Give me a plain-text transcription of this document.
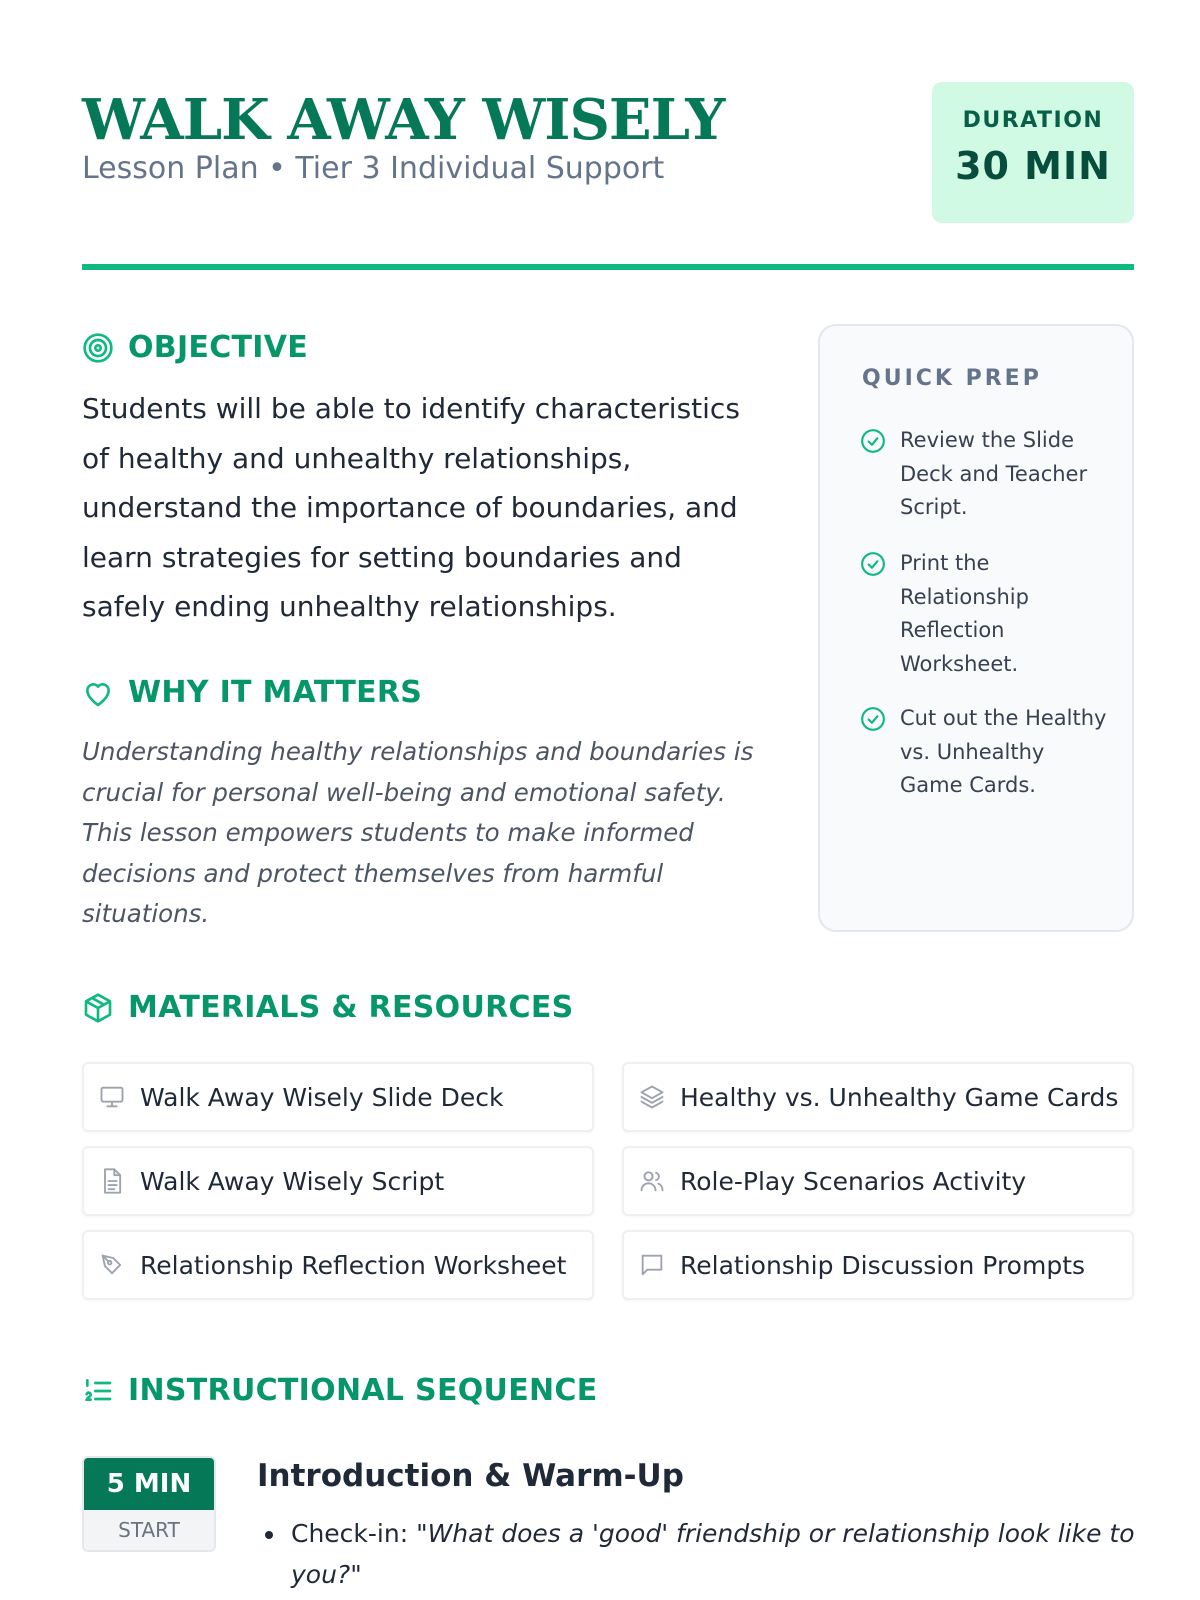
WALK AWAY WISELY
Lesson Plan • Tier 3 Individual Support
DURATION
30 MIN
OBJECTIVE

Students will be able to identify characteristics of healthy and unhealthy relationships, understand the importance of boundaries, and learn strategies for setting boundaries and safely ending unhealthy relationships.

WHY IT MATTERS

Understanding healthy relationships and boundaries is crucial for personal well-being and emotional safety. This lesson empowers students to make informed decisions and protect themselves from harmful situations.

QUICK PREP
Review the Slide Deck and Teacher Script.
Print the Relationship Reflection Worksheet.
Cut out the Healthy vs. Unhealthy Game Cards.
MATERIALS & RESOURCES
Walk Away Wisely Slide Deck	Healthy vs. Unhealthy Game Cards
Walk Away Wisely Script	Role-Play Scenarios Activity
Relationship Reflection Worksheet	Relationship Discussion Prompts
INSTRUCTIONAL SEQUENCE
5 MIN
START
Introduction & Warm-Up
Check-in: "What does a 'good' friendship or relationship look like to you?"
